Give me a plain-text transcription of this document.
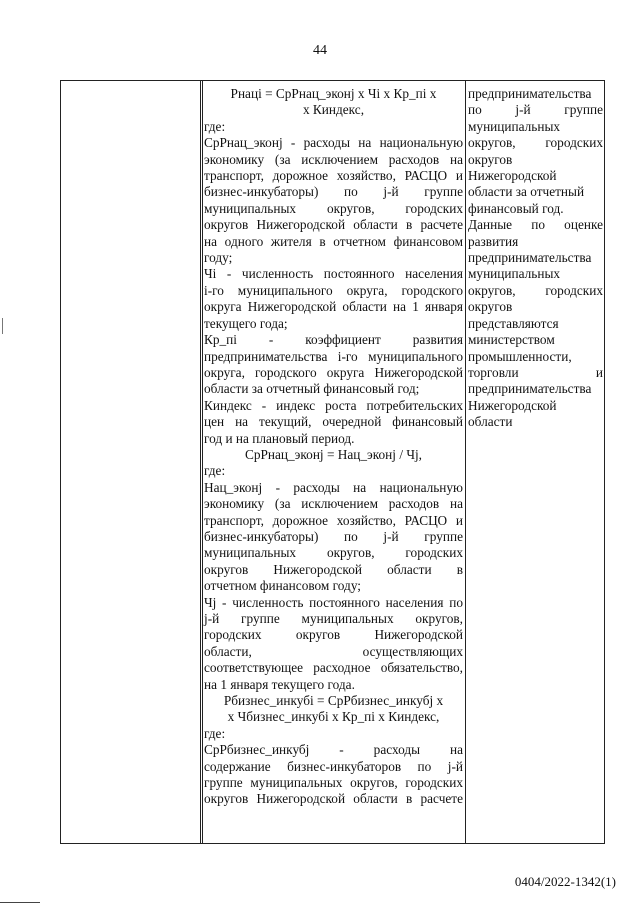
44

Рнацi = СрРнац_эконj х Чi х Кр_пi х

х Киндекс,

где:

СрРнац_эконj - расходы на национальную

экономику (за исключением расходов на

транспорт, дорожное хозяйство, РАСЦО и

бизнес-инкубаторы) по j-й группе

муниципальных округов, городских

округов Нижегородской области в расчете

на одного жителя в отчетном финансовом

году;

Чi - численность постоянного населения

i-го муниципального округа, городского

округа Нижегородской области на 1 января

текущего года;

Кр_пi - коэффициент развития

предпринимательства i-го муниципального

округа, городского округа Нижегородской

области за отчетный финансовый год;

Киндекс - индекс роста потребительских

цен на текущий, очередной финансовый

год и на плановый период.

СрРнац_эконj = Нац_эконj / Чj,

где:

Нац_эконj - расходы на национальную

экономику (за исключением расходов на

транспорт, дорожное хозяйство, РАСЦО и

бизнес-инкубаторы) по j-й группе

муниципальных округов, городских

округов Нижегородской области в

отчетном финансовом году;

Чj - численность постоянного населения по

j-й группе муниципальных округов,

городских округов Нижегородской

области, осуществляющих

соответствующее расходное обязательство,

на 1 января текущего года.

Рбизнес_инкубi = СрРбизнес_инкубj х

х Чбизнес_инкубi х Кр_пi х Киндекс,

где:

СрРбизнес_инкубj - расходы на

содержание бизнес-инкубаторов по j-й

группе муниципальных округов, городских

округов Нижегородской области в расчете

предпринимательства

по j-й группе

муниципальных

округов, городских

округов

Нижегородской

области за отчетный

финансовый год.

Данные по оценке

развития

предпринимательства

муниципальных

округов, городских

округов

представляются

министерством

промышленности,

торговли и

предпринимательства

Нижегородской

области

0404/2022-1342(1)
